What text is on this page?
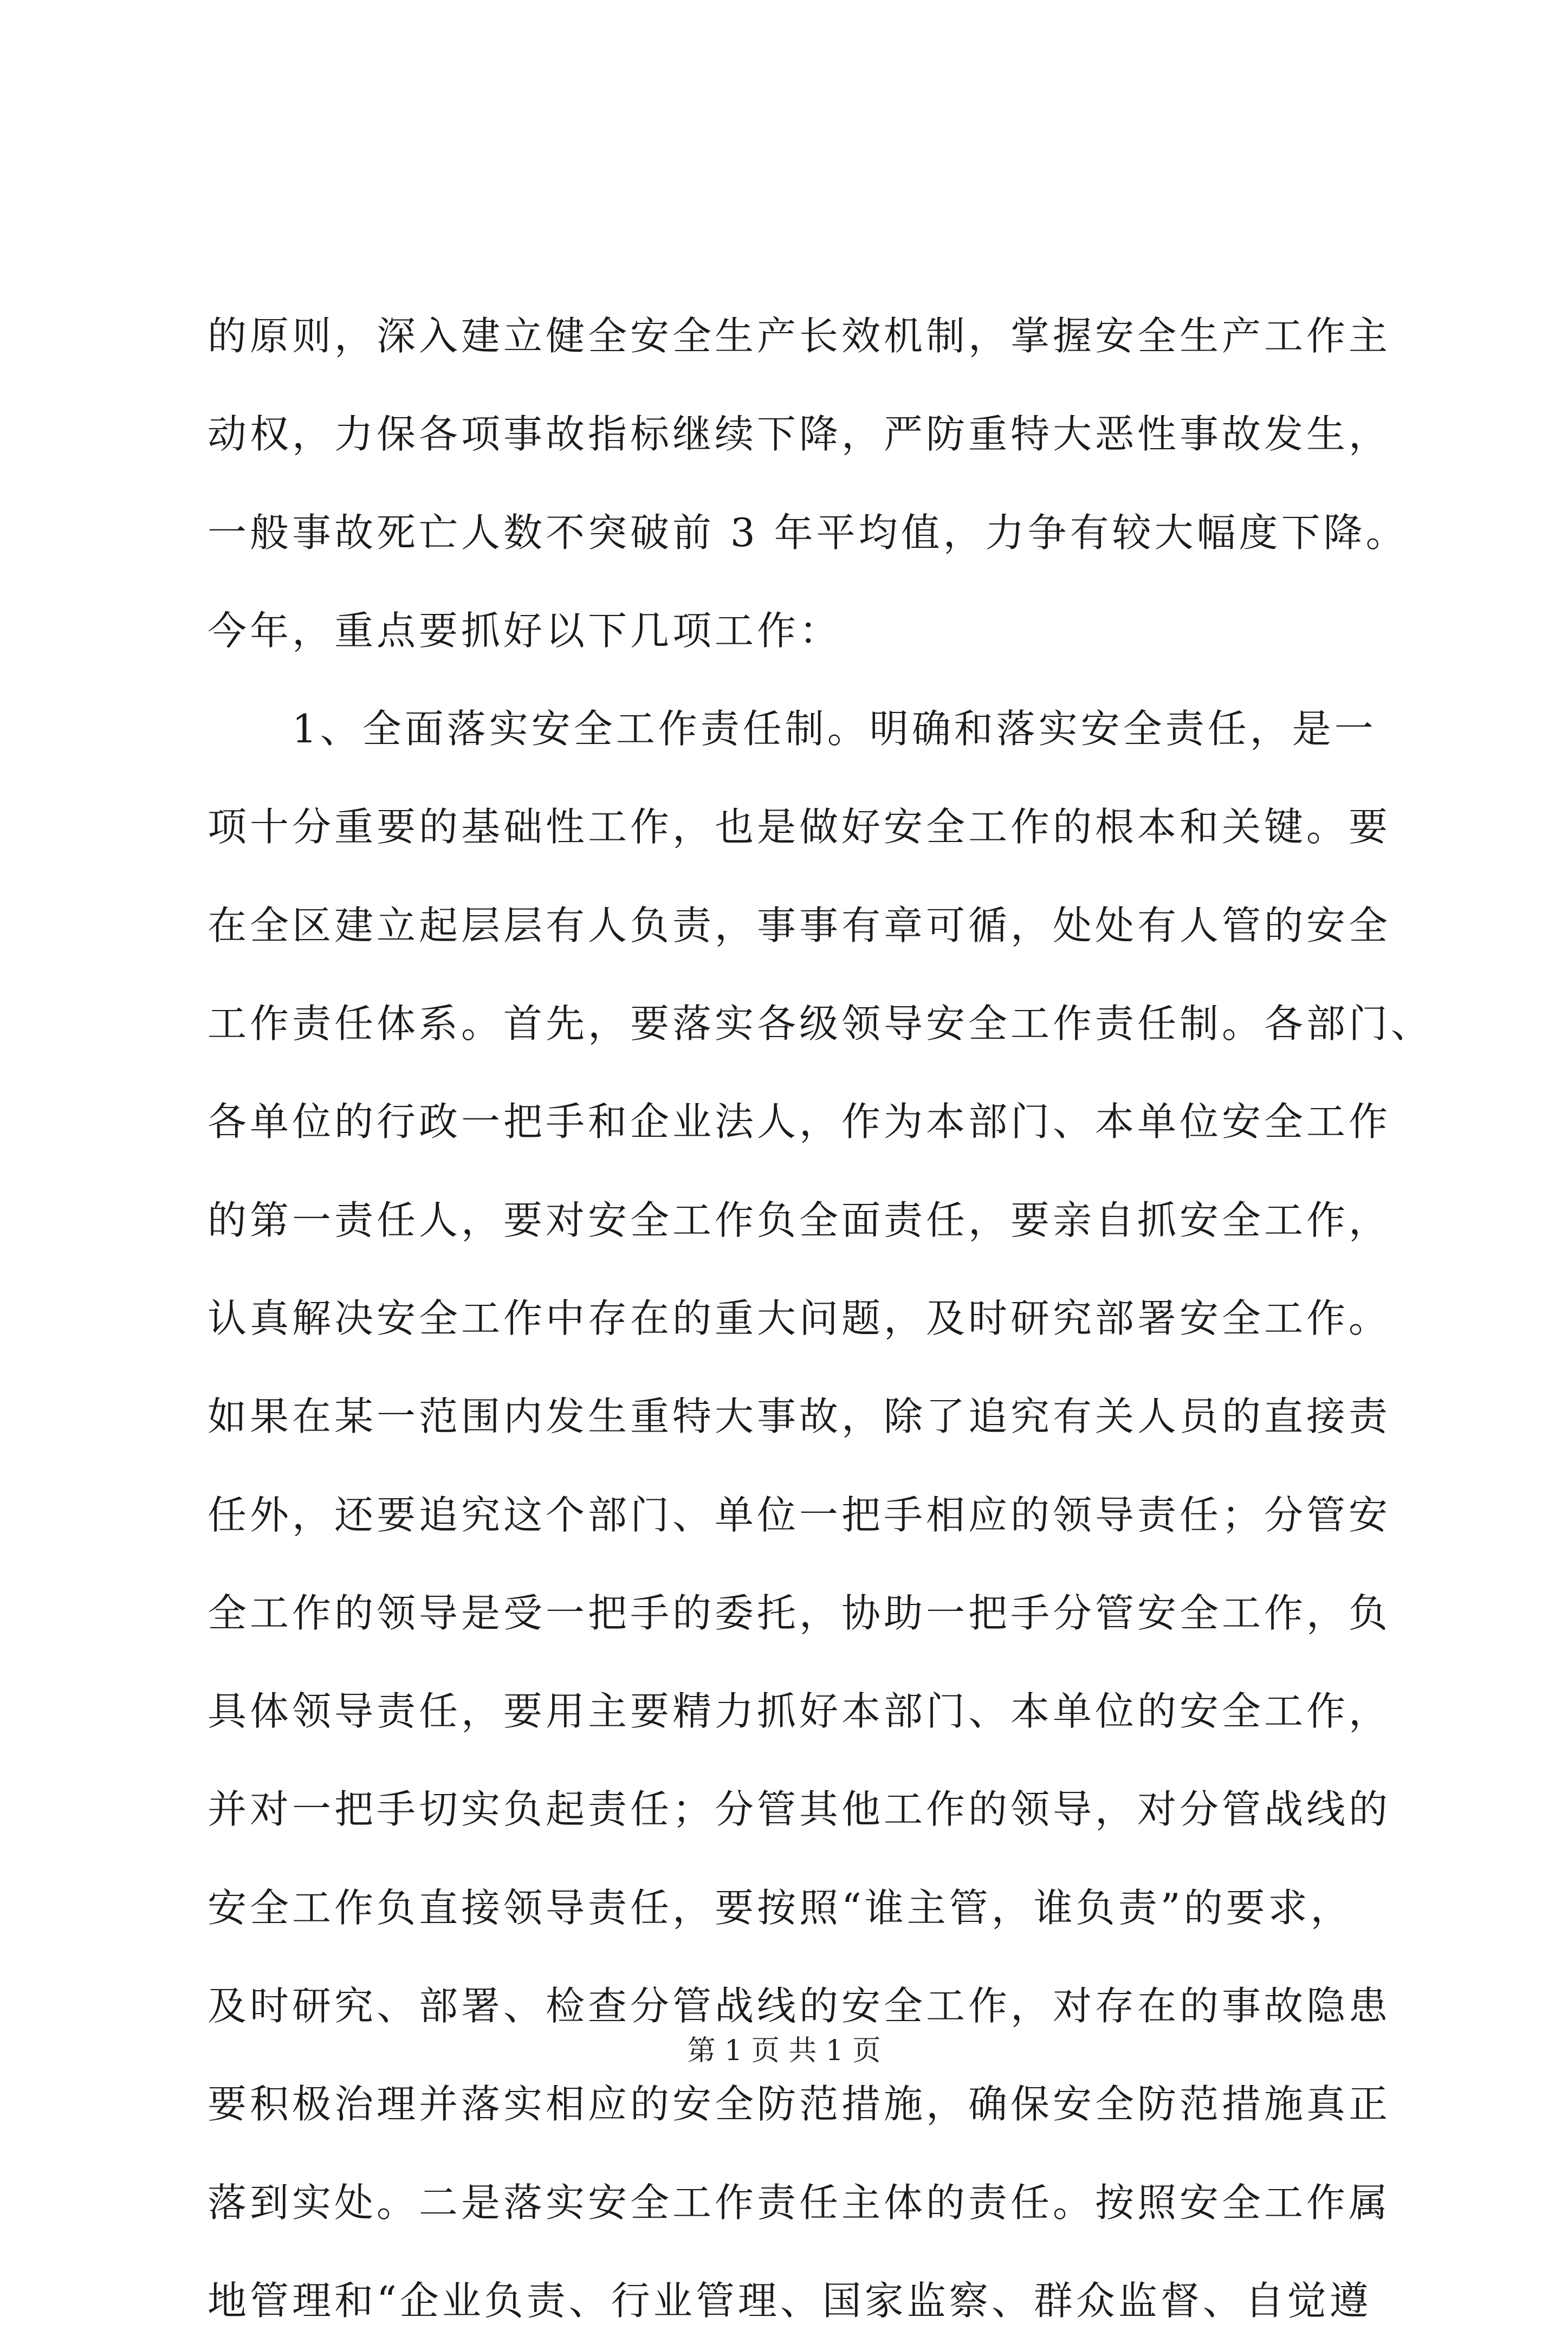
的原则，深入建立健全安全生产长效机制，掌握安全生产工作主
动权，力保各项事故指标继续下降，严防重特大恶性事故发生，
一般事故死亡人数不突破前 3 年平均值，力争有较大幅度下降。
今年，重点要抓好以下几项工作：
　　1、全面落实安全工作责任制。明确和落实安全责任，是一
项十分重要的基础性工作，也是做好安全工作的根本和关键。要
在全区建立起层层有人负责，事事有章可循，处处有人管的安全
工作责任体系。首先，要落实各级领导安全工作责任制。各部门、
各单位的行政一把手和企业法人，作为本部门、本单位安全工作
的第一责任人，要对安全工作负全面责任，要亲自抓安全工作，
认真解决安全工作中存在的重大问题，及时研究部署安全工作。
如果在某一范围内发生重特大事故，除了追究有关人员的直接责
任外，还要追究这个部门、单位一把手相应的领导责任；分管安
全工作的领导是受一把手的委托，协助一把手分管安全工作，负
具体领导责任，要用主要精力抓好本部门、本单位的安全工作，
并对一把手切实负起责任；分管其他工作的领导，对分管战线的
安全工作负直接领导责任，要按照“谁主管，谁负责”的要求，
及时研究、部署、检查分管战线的安全工作，对存在的事故隐患
要积极治理并落实相应的安全防范措施，确保安全防范措施真正
落到实处。二是落实安全工作责任主体的责任。按照安全工作属
地管理和“企业负责、行业管理、国家监察、群众监督、自觉遵
第 1 页 共 1 页
